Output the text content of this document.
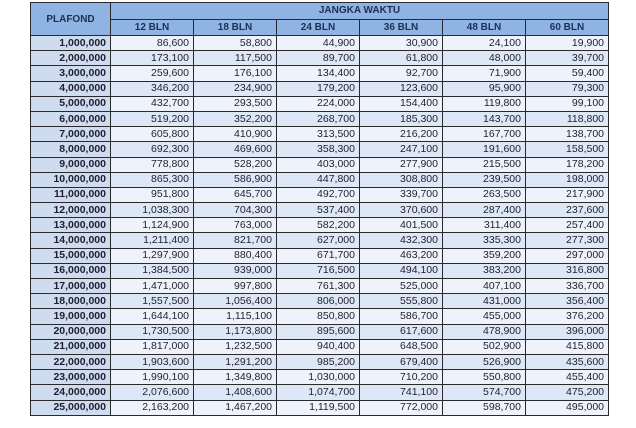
PLAFOND	JANGKA WAKTU					
	12 BLN	18 BLN	24 BLN	36 BLN	48 BLN	60 BLN
1,000,000	86,600	58,800	44,900	30,900	24,100	19,900
2,000,000	173,100	117,500	89,700	61,800	48,000	39,700
3,000,000	259,600	176,100	134,400	92,700	71,900	59,400
4,000,000	346,200	234,900	179,200	123,600	95,900	79,300
5,000,000	432,700	293,500	224,000	154,400	119,800	99,100
6,000,000	519,200	352,200	268,700	185,300	143,700	118,800
7,000,000	605,800	410,900	313,500	216,200	167,700	138,700
8,000,000	692,300	469,600	358,300	247,100	191,600	158,500
9,000,000	778,800	528,200	403,000	277,900	215,500	178,200
10,000,000	865,300	586,900	447,800	308,800	239,500	198,000
11,000,000	951,800	645,700	492,700	339,700	263,500	217,900
12,000,000	1,038,300	704,300	537,400	370,600	287,400	237,600
13,000,000	1,124,900	763,000	582,200	401,500	311,400	257,400
14,000,000	1,211,400	821,700	627,000	432,300	335,300	277,300
15,000,000	1,297,900	880,400	671,700	463,200	359,200	297,000
16,000,000	1,384,500	939,000	716,500	494,100	383,200	316,800
17,000,000	1,471,000	997,800	761,300	525,000	407,100	336,700
18,000,000	1,557,500	1,056,400	806,000	555,800	431,000	356,400
19,000,000	1,644,100	1,115,100	850,800	586,700	455,000	376,200
20,000,000	1,730,500	1,173,800	895,600	617,600	478,900	396,000
21,000,000	1,817,000	1,232,500	940,400	648,500	502,900	415,800
22,000,000	1,903,600	1,291,200	985,200	679,400	526,900	435,600
23,000,000	1,990,100	1,349,800	1,030,000	710,200	550,800	455,400
24,000,000	2,076,600	1,408,600	1,074,700	741,100	574,700	475,200
25,000,000	2,163,200	1,467,200	1,119,500	772,000	598,700	495,000
